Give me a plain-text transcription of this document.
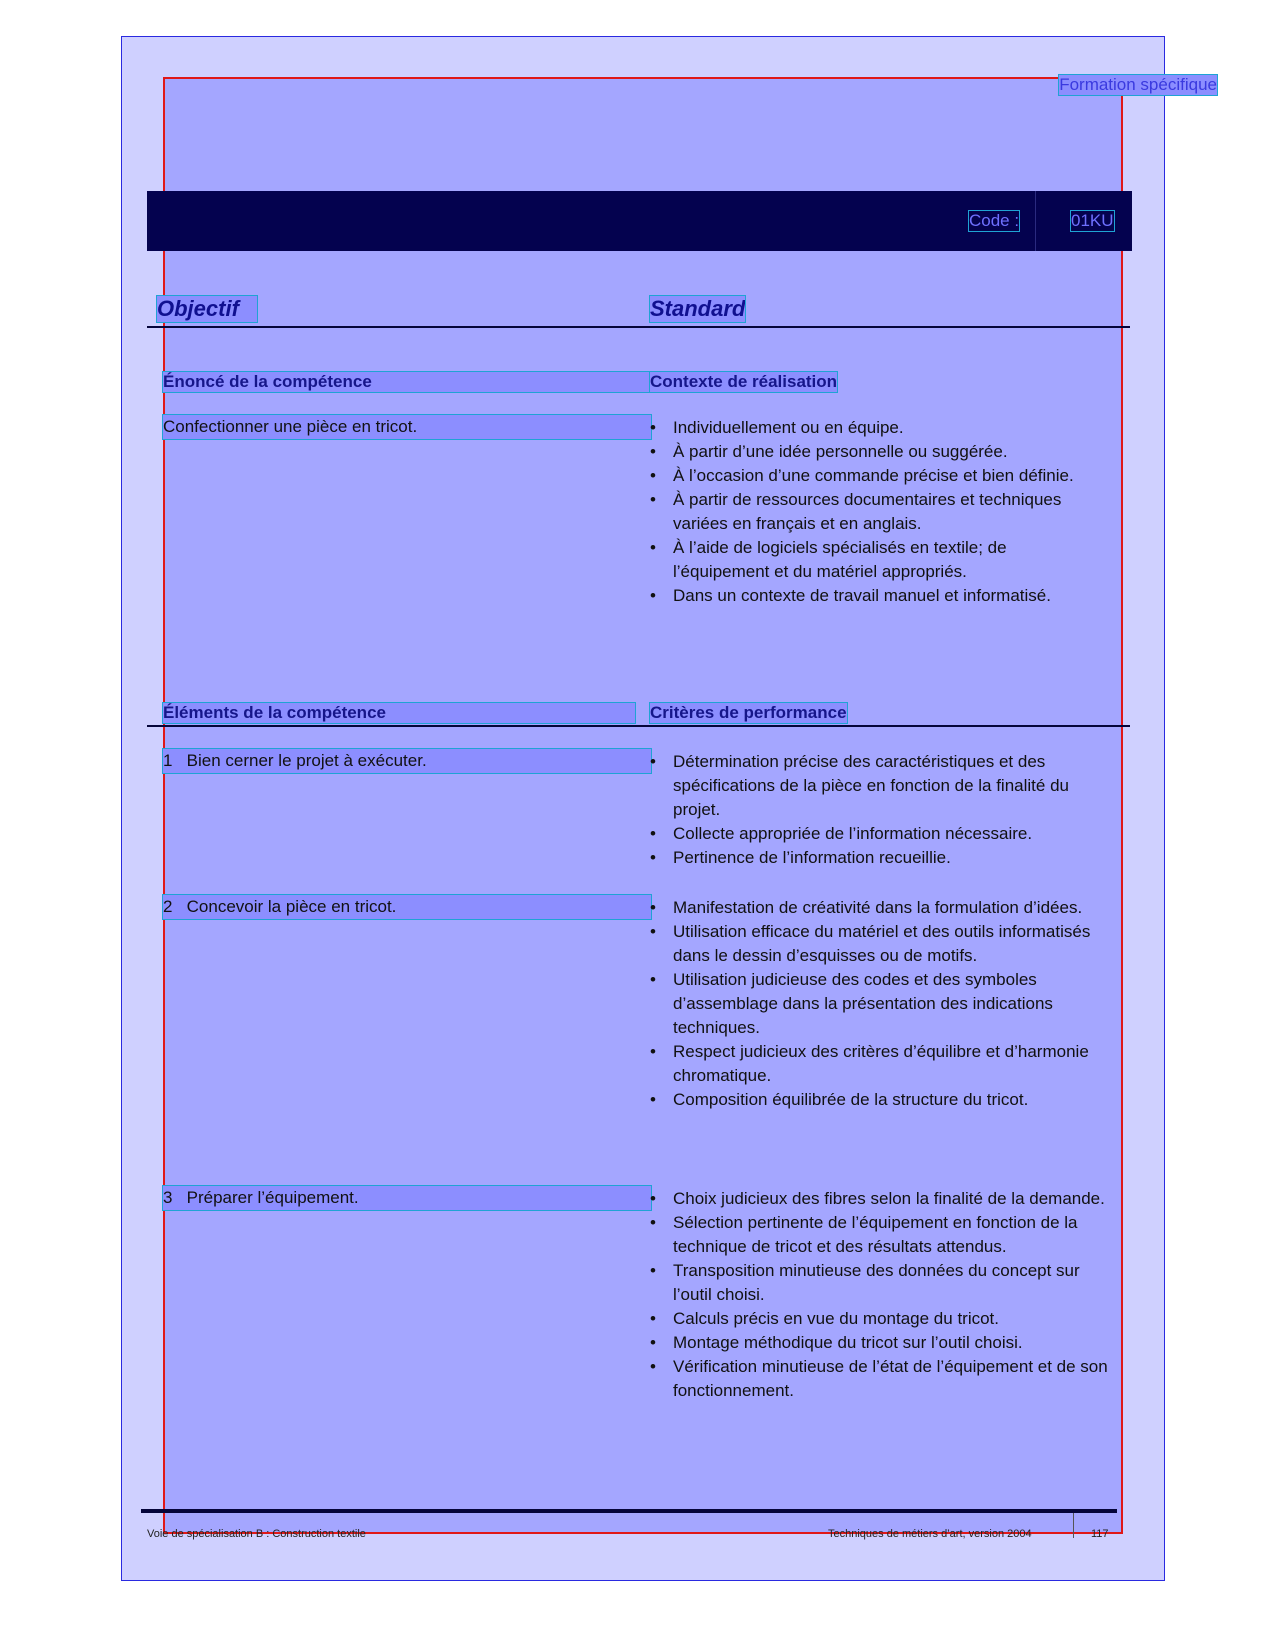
Formation spécifique
Code :	01KU
Objectif	Standard
Énoncé de la compétence	Contexte de réalisation
Confectionner une pièce en tricot.	• Individuellement ou en équipe.
• À partir d’une idée personnelle ou suggérée.
• À l’occasion d’une commande précise et bien définie.
• À partir de ressources documentaires et techniques variées en français et en anglais.
• À l’aide de logiciels spécialisés en textile; de l’équipement et du matériel appropriés.
• Dans un contexte de travail manuel et informatisé.
Éléments de la compétence	Critères de performance
1 Bien cerner le projet à exécuter.	• Détermination précise des caractéristiques et des spécifications de la pièce en fonction de la finalité du projet.
• Collecte appropriée de l’information nécessaire.
• Pertinence de l’information recueillie.
2 Concevoir la pièce en tricot.	• Manifestation de créativité dans la formulation d’idées.
• Utilisation efficace du matériel et des outils informatisés dans le dessin d’esquisses ou de motifs.
• Utilisation judicieuse des codes et des symboles d’assemblage dans la présentation des indications techniques.
• Respect judicieux des critères d’équilibre et d’harmonie chromatique.
• Composition équilibrée de la structure du tricot.
3 Préparer l’équipement.	• Choix judicieux des fibres selon la finalité de la demande.
• Sélection pertinente de l’équipement en fonction de la technique de tricot et des résultats attendus.
• Transposition minutieuse des données du concept sur l’outil choisi.
• Calculs précis en vue du montage du tricot.
• Montage méthodique du tricot sur l’outil choisi.
• Vérification minutieuse de l’état de l’équipement et de son fonctionnement.
Voie de spécialisation B : Construction textile	Techniques de métiers d’art, version 2004	117
